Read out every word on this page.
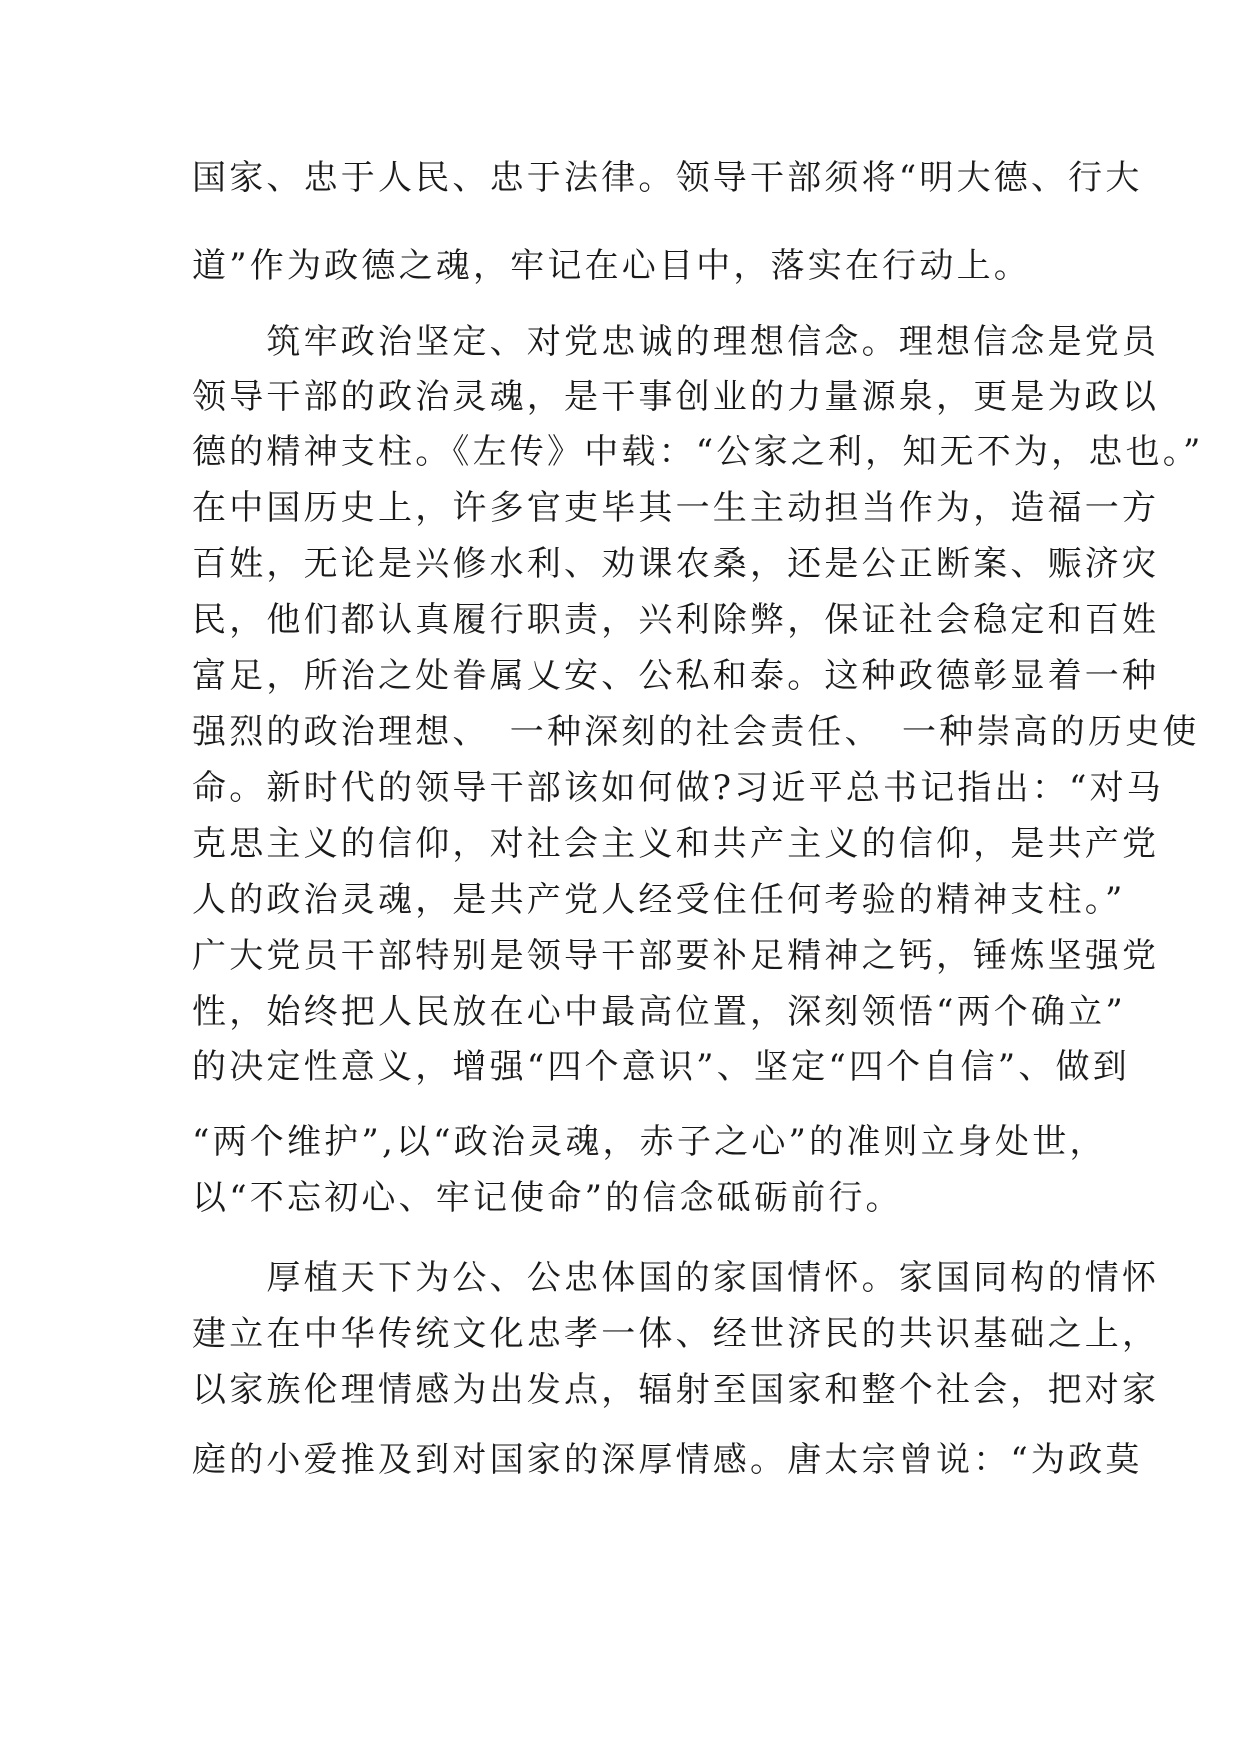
国家、忠于人民、忠于法律。领导干部须将“明大德、行大
道”作为政德之魂，牢记在心目中，落实在行动上。
　　筑牢政治坚定、对党忠诚的理想信念。理想信念是党员
领导干部的政治灵魂，是干事创业的力量源泉，更是为政以
德的精神支柱。《左传》中载：“公家之利，知无不为，忠也。”
在中国历史上，许多官吏毕其一生主动担当作为，造福一方
百姓，无论是兴修水利、劝课农桑，还是公正断案、赈济灾
民，他们都认真履行职责，兴利除弊，保证社会稳定和百姓
富足，所治之处眷属乂安、公私和泰。这种政德彰显着一种
强烈的政治理想、　一种深刻的社会责任、　一种崇高的历史使
命。新时代的领导干部该如何做?习近平总书记指出：“对马
克思主义的信仰，对社会主义和共产主义的信仰，是共产党
人的政治灵魂，是共产党人经受住任何考验的精神支柱。”
广大党员干部特别是领导干部要补足精神之钙，锤炼坚强党
性，始终把人民放在心中最高位置，深刻领悟“两个确立”
的决定性意义，增强“四个意识”、坚定“四个自信”、做到
“两个维护”,以“政治灵魂，赤子之心”的准则立身处世，
以“不忘初心、牢记使命”的信念砥砺前行。
　　厚植天下为公、公忠体国的家国情怀。家国同构的情怀
建立在中华传统文化忠孝一体、经世济民的共识基础之上，
以家族伦理情感为出发点，辐射至国家和整个社会，把对家
庭的小爱推及到对国家的深厚情感。唐太宗曾说：“为政莫
